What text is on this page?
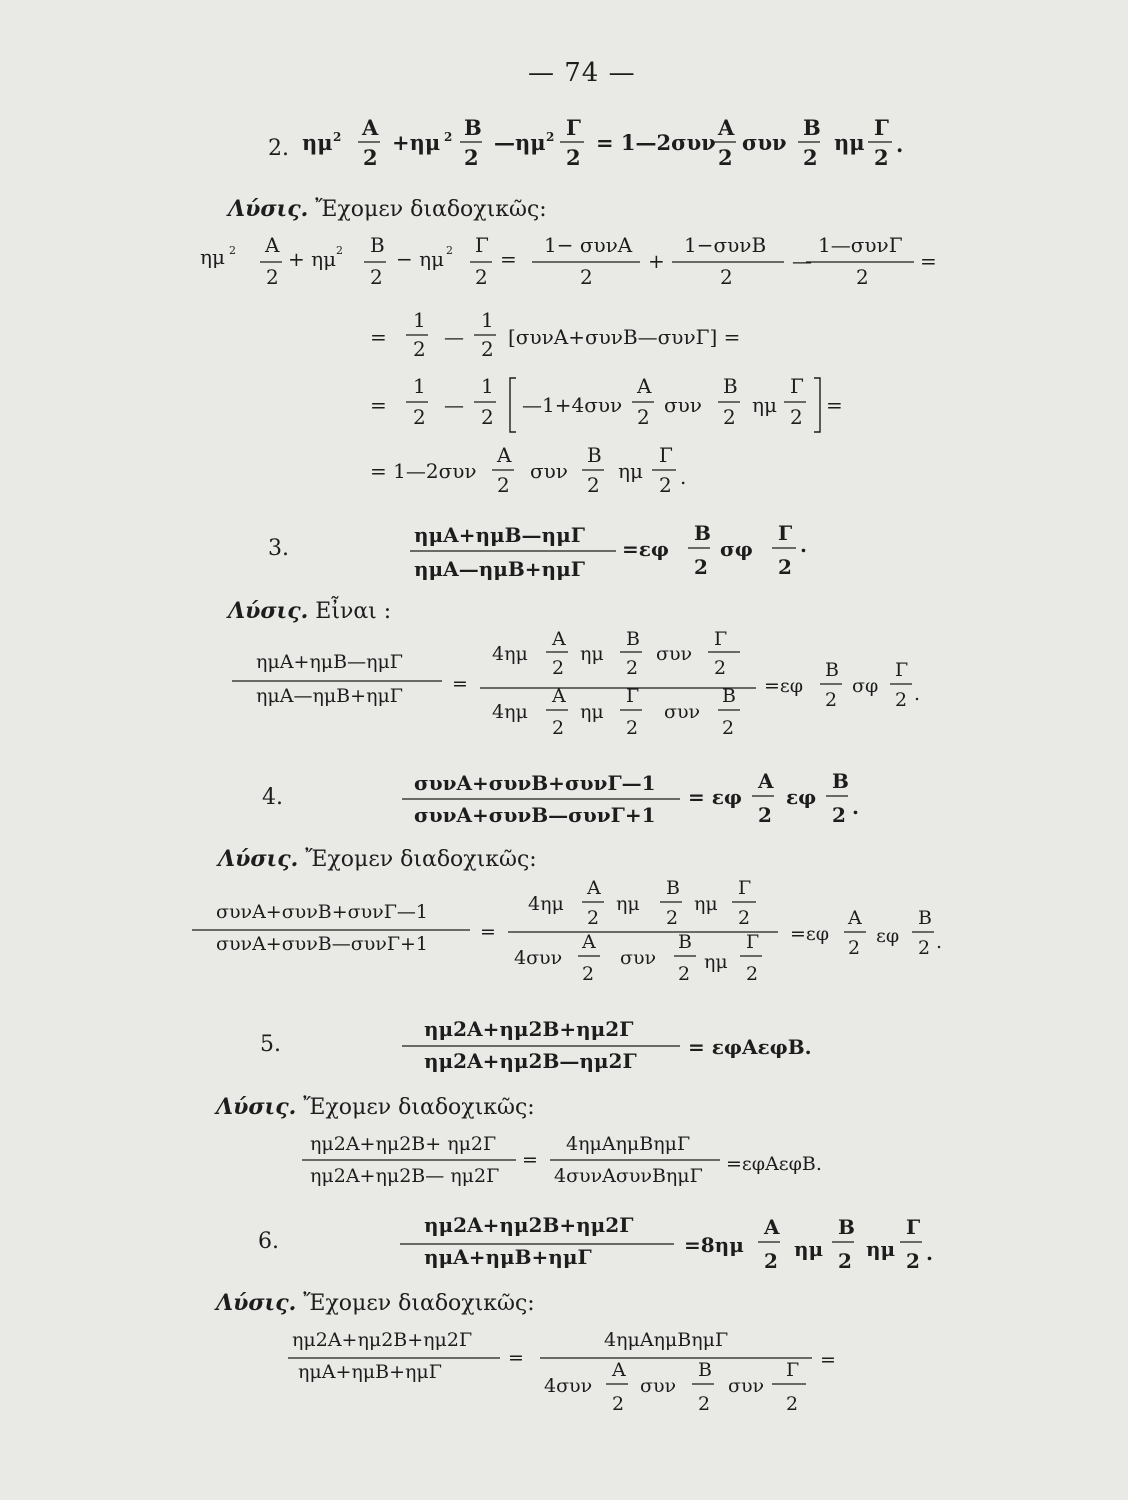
— 74 —
2.
3.
4.
5.
6.
Λύσις. Ἔχομεν διαδοχικῶς:
Λύσις. Εἶναι :
Λύσις. Ἔχομεν διαδοχικῶς:
Λύσις. Ἔχομεν διαδοχικῶς:
Λύσις. Ἔχομεν διαδοχικῶς:
ημ 2 A
2
+ημ 2 B
2
—ημ 2 Γ
2
= 1—2συν
A
2
συν
B
2
ημ
Γ
2
.
ημ 2 A
2
+ ημ 2 B
2
− ημ 2 Γ
2
=
1− συνA
2
+
1−συνB
2
—
1—συνΓ
2
=
=
1
2 —
1
2 [συνA+συνB—συνΓ] =
=
1
2 —
1
2 —1+4συν
A
2 συν
B
2 ημ
Γ
2 =
= 1—2συν
A
2
συν
B
2
ημ
Γ
2 .
ημA+ημB—ημΓ
ημA—ημB+ημΓ
=εφ
B
2
σφ
Γ
2
.
ημA+ημB—ημΓ
ημA—ημB+ημΓ
=
4ημ
A
2
ημ
B
2
συν
Γ
2
4ημ
A
2
ημ
Γ
2
συν
B
2
=εφ
B
2
σφ
Γ
2 .
συνA+συνB+συνΓ—1
συνA+συνB—συνΓ+1
= εφ
A
2
εφ
B
2 .
συνA+συνB+συνΓ—1
συνA+συνB—συνΓ+1
=
4ημ
A
2
ημ
B
2
ημ
Γ
2
4συν
A
2
συν
B
2
ημ
Γ
2
=εφ
A
2
εφ
B
2 .
ημ2A+ημ2B+ημ2Γ
ημ2A+ημ2B—ημ2Γ
= εφAεφB.
ημ2A+ημ2B+ ημ2Γ
ημ2A+ημ2B— ημ2Γ
=
4ημAημBημΓ
4συνAσυνBημΓ
=εφAεφB.
ημ2A+ημ2B+ημ2Γ
ημA+ημB+ημΓ	=8ημ
A
2 ημ
B
2 ημ
Γ
2 .
ημ2A+ημ2B+ημ2Γ
ημA+ημB+ημΓ
=
4ημAημBημΓ
4συν
A
2
συν
B
2
συν
Γ
2
=
